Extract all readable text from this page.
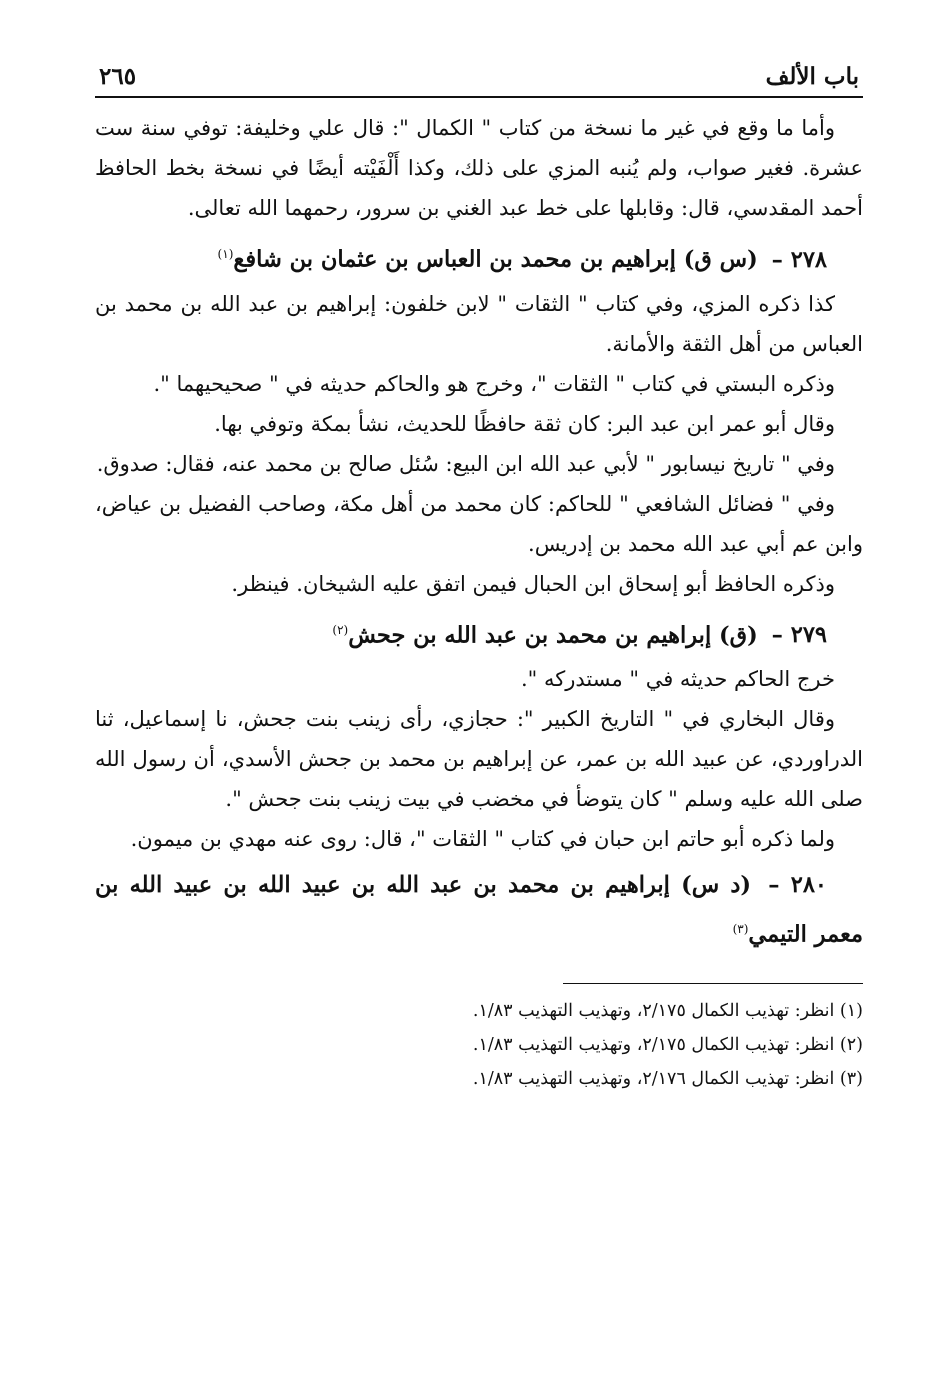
باب الألف
٢٦٥

وأما ما وقع في غير ما نسخة من كتاب " الكمال ": قال علي وخليفة: توفي سنة ست عشرة. فغير صواب، ولم يُنبه المزي على ذلك، وكذا أَلْفَيْته أيضًا في نسخة بخط الحافظ أحمد المقدسي، قال: وقابلها على خط عبد الغني بن سرور، رحمهما الله تعالى.

٢٧٨ – (س ق) إبراهيم بن محمد بن العباس بن عثمان بن شافع$^{(١)}$

كذا ذكره المزي، وفي كتاب " الثقات " لابن خلفون: إبراهيم بن عبد الله بن محمد بن العباس من أهل الثقة والأمانة.

وذكره البستي في كتاب " الثقات "، وخرج هو والحاكم حديثه في " صحيحيهما ".

وقال أبو عمر ابن عبد البر: كان ثقة حافظًا للحديث، نشأ بمكة وتوفي بها.

وفي " تاريخ نيسابور " لأبي عبد الله ابن البيع: سُئل صالح بن محمد عنه، فقال: صدوق.

وفي " فضائل الشافعي " للحاكم: كان محمد من أهل مكة، وصاحب الفضيل بن عياض، وابن عم أبي عبد الله محمد بن إدريس.

وذكره الحافظ أبو إسحاق ابن الحبال فيمن اتفق عليه الشيخان. فينظر.

٢٧٩ – (ق) إبراهيم بن محمد بن عبد الله بن جحش$^{(٢)}$

خرج الحاكم حديثه في " مستدركه ".

وقال البخاري في " التاريخ الكبير ": حجازي، رأى زينب بنت جحش، نا إسماعيل، ثنا الدراوردي، عن عبيد الله بن عمر، عن إبراهيم بن محمد بن جحش الأسدي، أن رسول الله صلى الله عليه وسلم " كان يتوضأ في مخضب في بيت زينب بنت جحش ".

ولما ذكره أبو حاتم ابن حبان في كتاب " الثقات "، قال: روى عنه مهدي بن ميمون.

٢٨٠ – (د س) إبراهيم بن محمد بن عبد الله بن عبيد الله بن عبيد الله بن معمر التيمي$^{(٣)}$

(١) انظر: تهذيب الكمال ٢/١٧٥، وتهذيب التهذيب ١/٨٣.

(٢) انظر: تهذيب الكمال ٢/١٧٥، وتهذيب التهذيب ١/٨٣.

(٣) انظر: تهذيب الكمال ٢/١٧٦، وتهذيب التهذيب ١/٨٣.
